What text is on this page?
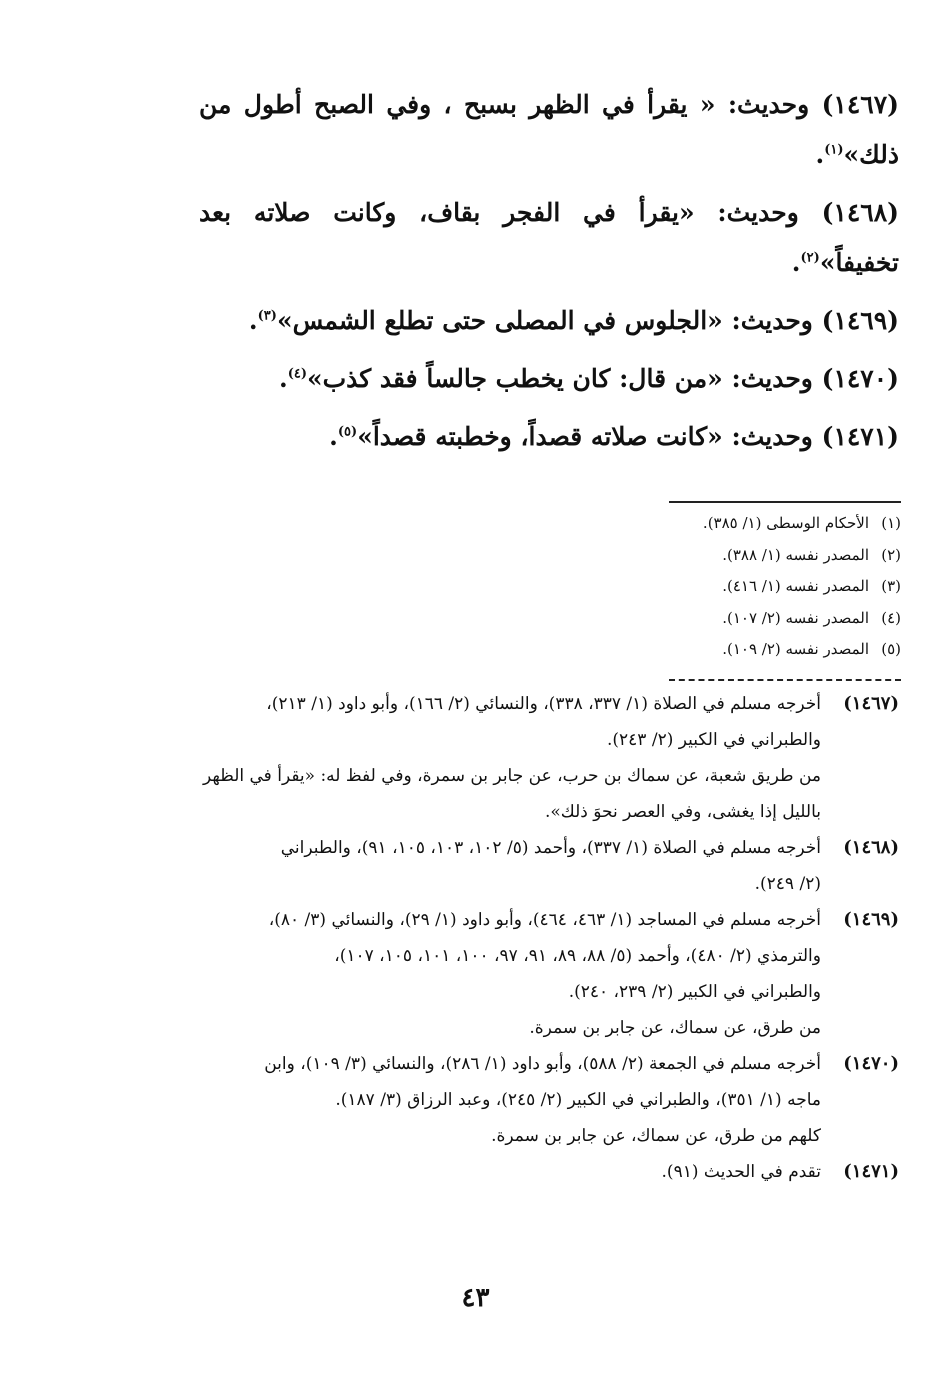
(١٤٦٧) وحديث: « يقرأ في الظهر بسبح ، وفي الصبح أطول من ذلك»$^{(١)}$.

(١٤٦٨) وحديث: «يقرأ في الفجر بقاف، وكانت صلاته بعد تخفيفاً»$^{(٢)}$.

(١٤٦٩) وحديث: «الجلوس في المصلى حتى تطلع الشمس»$^{(٣)}$.

(١٤٧٠) وحديث: «من قال: كان يخطب جالساً فقد كذب»$^{(٤)}$.

(١٤٧١) وحديث: «كانت صلاته قصداً، وخطبته قصداً»$^{(٥)}$.

(١)الأحكام الوسطى (١/ ٣٨٥).
(٢)المصدر نفسه (١/ ٣٨٨).
(٣)المصدر نفسه (١/ ٤١٦).
(٤)المصدر نفسه (٢/ ١٠٧).
(٥)المصدر نفسه (٢/ ١٠٩).
(١٤٦٧)
أخرجه مسلم في الصلاة (١/ ٣٣٧، ٣٣٨)، والنسائي (٢/ ١٦٦)، وأبو داود (١/ ٢١٣)،
والطبراني في الكبير (٢/ ٢٤٣).
من طريق شعبة، عن سماك بن حرب، عن جابر بن سمرة، وفي لفظ له: «يقرأ في الظهر
بالليل إذا يغشى، وفي العصر نحوَ ذلك».
(١٤٦٨)
أخرجه مسلم في الصلاة (١/ ٣٣٧)، وأحمد (٥/ ١٠٢، ١٠٣، ١٠٥، ٩١)، والطبراني
(٢/ ٢٤٩).
(١٤٦٩)
أخرجه مسلم في المساجد (١/ ٤٦٣، ٤٦٤)، وأبو داود (١/ ٢٩)، والنسائي (٣/ ٨٠)،
والترمذي (٢/ ٤٨٠)، وأحمد (٥/ ٨٨، ٨٩، ٩١، ٩٧، ١٠٠، ١٠١، ١٠٥، ١٠٧)،
والطبراني في الكبير (٢/ ٢٣٩، ٢٤٠).
من طرق، عن سماك، عن جابر بن سمرة.
(١٤٧٠)
أخرجه مسلم في الجمعة (٢/ ٥٨٨)، وأبو داود (١/ ٢٨٦)، والنسائي (٣/ ١٠٩)، وابن
ماجه (١/ ٣٥١)، والطبراني في الكبير (٢/ ٢٤٥)، وعبد الرزاق (٣/ ١٨٧).
كلهم من طرق، عن سماك، عن جابر بن سمرة.
(١٤٧١)
تقدم في الحديث (٩١).
٤٣
